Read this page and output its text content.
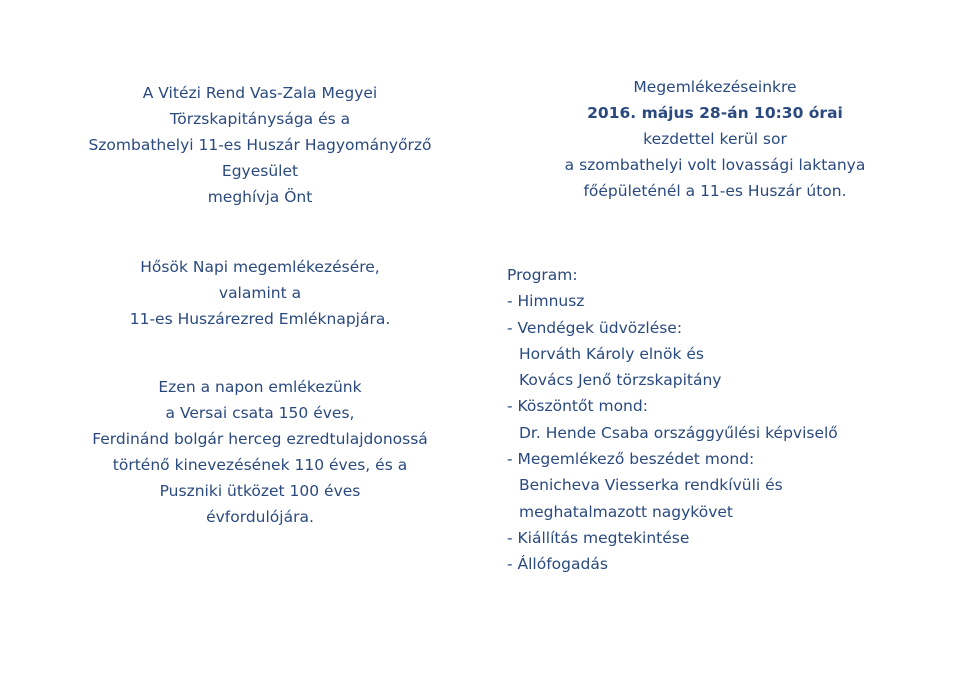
A Vitézi Rend Vas-Zala Megyei
Törzskapitánysága és a
Szombathelyi 11-es Huszár Hagyományőrző
Egyesület
meghívja Önt
Hősök Napi megemlékezésére,
valamint a
11-es Huszárezred Emléknapjára.
Ezen a napon emlékezünk
a Versai csata 150 éves,
Ferdinánd bolgár herceg ezredtulajdonossá
történő kinevezésének 110 éves, és a
Puszniki ütközet 100 éves
évfordulójára.
Megemlékezéseinkre
2016. május 28-án 10:30 órai
kezdettel kerül sor
a szombathelyi volt lovassági laktanya
főépületénél a 11-es Huszár úton.
Program:
- Himnusz
- Vendégek üdvözlése:
Horváth Károly elnök és
Kovács Jenő törzskapitány
- Köszöntőt mond:
Dr. Hende Csaba országgyűlési képviselő
- Megemlékező beszédet mond:
Benicheva Viesserka rendkívüli és
meghatalmazott nagykövet
- Kiállítás megtekintése
- Állófogadás
